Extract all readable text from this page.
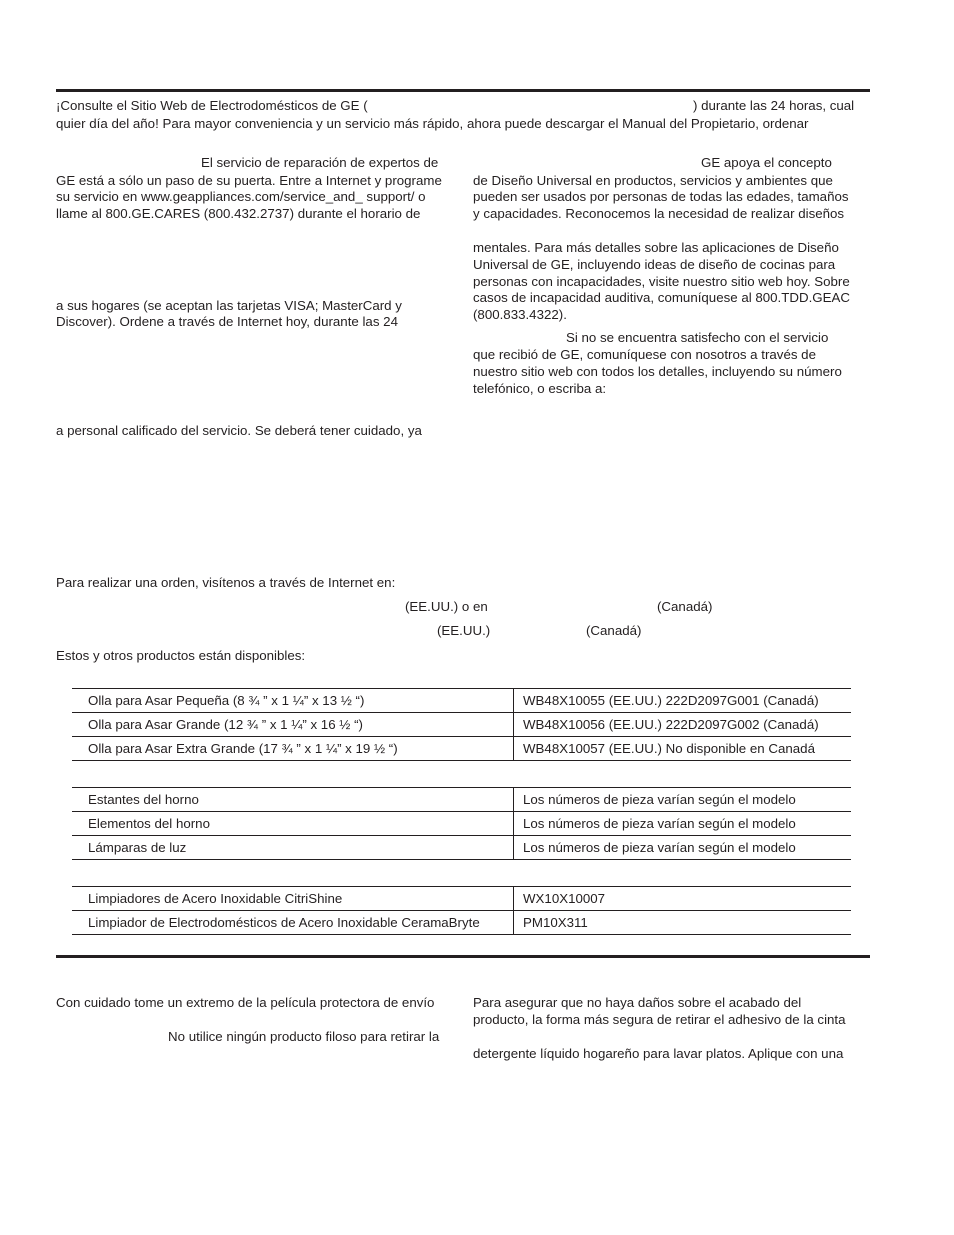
¡Consulte el Sitio Web de Electrodomésticos de GE (	) durante las 24 horas, cual
quier día del año! Para mayor conveniencia y un servicio más rápido, ahora puede descargar el Manual del Propietario, ordenar
El servicio de reparación de expertos de
GE está a sólo un paso de su puerta. Entre a Internet y programe
su servicio en www.geappliances.com/service_and_ support/ o
llame al 800.GE.CARES (800.432.2737) durante el horario de
a sus hogares (se aceptan las tarjetas VISA; MasterCard y
Discover). Ordene a través de Internet hoy, durante las 24
a personal calificado del servicio. Se deberá tener cuidado, ya
GE apoya el concepto
de Diseño Universal en productos, servicios y ambientes que
pueden ser usados por personas de todas las edades, tamaños
y capacidades. Reconocemos la necesidad de realizar diseños
mentales. Para más detalles sobre las aplicaciones de Diseño
Universal de GE, incluyendo ideas de diseño de cocinas para
personas con incapacidades, visite nuestro sitio web hoy. Sobre
casos de incapacidad auditiva, comuníquese al 800.TDD.GEAC
(800.833.4322).
Si no se encuentra satisfecho con el servicio
que recibió de GE, comuníquese con nosotros a través de
nuestro sitio web con todos los detalles, incluyendo su número
telefónico, o escriba a:
Para realizar una orden, visítenos a través de Internet en:
(EE.UU.) o en	(Canadá)
(EE.UU.)	(Canadá)
Estos y otros productos están disponibles:
Olla para Asar Pequeña (8 ¾ ” x 1 ¼” x 13 ½ “)	WB48X10055 (EE.UU.) 222D2097G001 (Canadá)
Olla para Asar Grande (12 ¾ ” x 1 ¼” x 16 ½ “)	WB48X10056 (EE.UU.) 222D2097G002 (Canadá)
Olla para Asar Extra Grande (17 ¾ ” x 1 ¼” x 19 ½ “)	WB48X10057 (EE.UU.) No disponible en Canadá
Estantes del horno	Los números de pieza varían según el modelo
Elementos del horno	Los números de pieza varían según el modelo
Lámparas de luz	Los números de pieza varían según el modelo
Limpiadores de Acero Inoxidable CitriShine	WX10X10007
Limpiador de Electrodomésticos de Acero Inoxidable CeramaBryte	PM10X311
Con cuidado tome un extremo de la película protectora de envío
No utilice ningún producto filoso para retirar la
Para asegurar que no haya daños sobre el acabado del
producto, la forma más segura de retirar el adhesivo de la cinta
detergente líquido hogareño para lavar platos. Aplique con una
